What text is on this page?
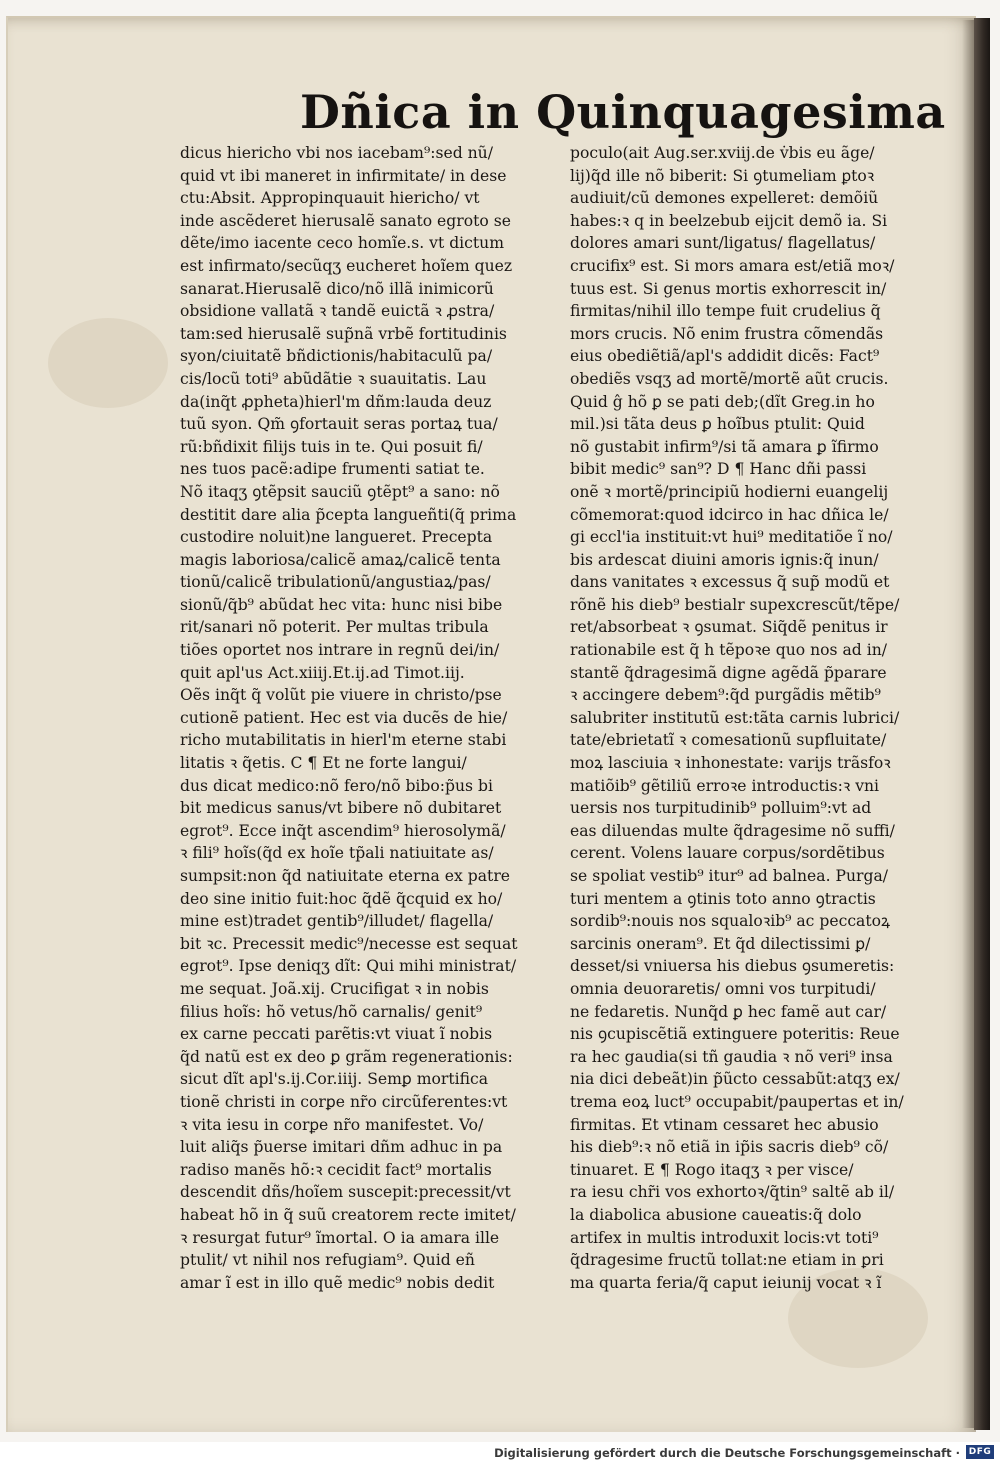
Dñica in Quinquagesima
dicus hiericho vbi nos iacebam⁹:sed nũ/
quid vt ibi maneret in infirmitate/ in dese
ctu:Absit. Appropinquauit hiericho/ vt
inde ascẽderet hierusalẽ sanato egroto se
dẽte/imo iacente ceco homĩe.s. vt dictum
est infirmato/secũqʒ eucheret hoĩem quez
sanarat.Hierusalẽ dico/nõ illã inimicorũ
obsidione vallatã ꝛ tandẽ euictã ꝛ ꝓstra/
tam:sed hierusalẽ sup̃nã vrbẽ fortitudinis
syon/ciuitatẽ bñdictionis/habitaculũ pa/
cis/locũ toti⁹ abũdãtie ꝛ suauitatis. Lau
da(inq̃t ꝓpheta)hierl'm dñm:lauda deuz
tuũ syon. Qm̃ ꝯfortauit seras portaꝝ tua/
rũ:bñdixit filijs tuis in te. Qui posuit fi/
nes tuos pacẽ:adipe frumenti satiat te.
Nõ itaqʒ ꝯtẽpsit sauciũ ꝯtẽpt⁹ a sano: nõ
destitit dare alia p̃cepta langueñti(q̃ prima
custodire noluit)ne langueret. Precepta
magis laboriosa/calicẽ amaꝝ/calicẽ tenta
tionũ/calicẽ tribulationũ/angustiaꝝ/pas/
sionũ/q̃b⁹ abũdat hec vita: hunc nisi bibe
rit/sanari nõ poterit. Per multas tribula
tiões oportet nos intrare in regnũ dei/in/
quit apl'us Act.xiiij.Et.ij.ad Timot.iij.
Oẽs inq̃t q̃ volũt pie viuere in christo/pse
cutionẽ patient. Hec est via ducẽs de hie/
richo mutabilitatis in hierl'm eterne stabi
litatis ꝛ q̃etis. C ¶ Et ne forte langui/
dus dicat medico:nõ fero/nõ bibo:p̃us bi
bit medicus sanus/vt bibere nõ dubitaret
egrot⁹. Ecce inq̃t ascendim⁹ hierosolymã/
ꝛ fili⁹ hoĩs(q̃d ex hoĩe tp̃ali natiuitate as/
sumpsit:non q̃d natiuitate eterna ex patre
deo sine initio fuit:hoc q̃dẽ q̃cquid ex ho/
mine est)tradet gentib⁹/illudet/ flagella/
bit ꝛc. Precessit medic⁹/necesse est sequat
egrot⁹. Ipse deniqʒ dĩt: Qui mihi ministrat/
me sequat. Joã.xij. Crucifigat ꝛ in nobis
filius hoĩs: hõ vetus/hõ carnalis/ genit⁹
ex carne peccati parẽtis:vt viuat ĩ nobis
q̃d natũ est ex deo ꝑ grãm regenerationis:
sicut dĩt apl's.ij.Cor.iiij. Semꝑ mortifica
tionẽ christi in corꝑe nr̃o circũferentes:vt
ꝛ vita iesu in corꝑe nr̃o manifestet. Vo/
luit aliq̃s p̃uerse imitari dñm adhuc in pa
radiso manẽs hõ:ꝛ cecidit fact⁹ mortalis
descendit dñs/hoĩem suscepit:precessit/vt
habeat hõ in q̃ suũ creatorem recte imitet/
ꝛ resurgat futur⁹ ĩmortal. O ia amara ille
ptulit/ vt nihil nos refugiam⁹. Quid eñ
amar ĩ est in illo quẽ medic⁹ nobis dedit
poculo(ait Aug.ser.xviij.de v̇bis eu ãge/
lij)q̃d ille nõ biberit: Si ꝯtumeliam ꝑtoꝛ
audiuit/cũ demones expelleret: demõiũ
habes:ꝛ q in beelzebub eijcit demõ ia. Si
dolores amari sunt/ligatus/ flagellatus/
crucifix⁹ est. Si mors amara est/etiã moꝛ/
tuus est. Si genus mortis exhorrescit in/
firmitas/nihil illo tempe fuit crudelius q̃
mors crucis. Nõ enim frustra cõmendãs
eius obediẽtiã/apl's addidit dicẽs: Fact⁹
obediẽs vsqʒ ad mortẽ/mortẽ aũt crucis.
Quid ĝ hõ ꝑ se pati deb;(dĩt Greg.in ho
mil.)si tãta deus ꝑ hoĩbus ptulit: Quid
nõ gustabit infirm⁹/si tã amara ꝑ ĩfirmo
bibit medic⁹ san⁹? D ¶ Hanc dñi passi
onẽ ꝛ mortẽ/principiũ hodierni euangelij
cõmemorat:quod idcirco in hac dñica le/
gi eccl'ia instituit:vt hui⁹ meditatiõe ĩ no/
bis ardescat diuini amoris ignis:q̃ inun/
dans vanitates ꝛ excessus q̃ sup̃ modũ et
rõnẽ his dieb⁹ bestialr supexcrescũt/tẽpe/
ret/absorbeat ꝛ ꝯsumat. Siq̃dẽ penitus ir
rationabile est q̃ h tẽpoꝛe quo nos ad in/
stantẽ q̃dragesimã digne agẽdã p̃parare
ꝛ accingere debem⁹:q̃d purgãdis mẽtib⁹
salubriter institutũ est:tãta carnis lubrici/
tate/ebrietatĩ ꝛ comesationũ supfluitate/
moꝝ lasciuia ꝛ inhonestate: varijs trãsfoꝛ
matiõib⁹ gẽtiliũ erroꝛe introductis:ꝛ vni
uersis nos turpitudinib⁹ polluim⁹:vt ad
eas diluendas multe q̃dragesime nõ suffi/
cerent. Volens lauare corpus/sordẽtibus
se spoliat vestib⁹ itur⁹ ad balnea. Purga/
turi mentem a ꝯtinis toto anno ꝯtractis
sordib⁹:nouis nos squaloꝛib⁹ ac peccatoꝝ
sarcinis oneram⁹. Et q̃d dilectissimi ꝑ/
desset/si vniuersa his diebus ꝯsumeretis:
omnia deuoraretis/ omni vos turpitudi/
ne fedaretis. Nunq̃d ꝑ hec famẽ aut car/
nis ꝯcupiscẽtiã extinguere poteritis: Reue
ra hec gaudia(si tñ gaudia ꝛ nõ veri⁹ insa
nia dici debeãt)in p̃ũcto cessabũt:atqʒ ex/
trema eoꝝ luct⁹ occupabit/paupertas et in/
firmitas. Et vtinam cessaret hec abusio
his dieb⁹:ꝛ nõ etiã in ip̃is sacris dieb⁹ cõ/
tinuaret. E ¶ Rogo itaqʒ ꝛ per visce/
ra iesu chr̃i vos exhortoꝛ/q̃tin⁹ saltẽ ab il/
la diabolica abusione caueatis:q̃ dolo
artifex in multis introduxit locis:vt toti⁹
q̃dragesime fructũ tollat:ne etiam in ꝑri
ma quarta feria/q̃ caput ieiunij vocat ꝛ ĩ
Digitalisierung gefördert durch die Deutsche Forschungsgemeinschaft · DFG
